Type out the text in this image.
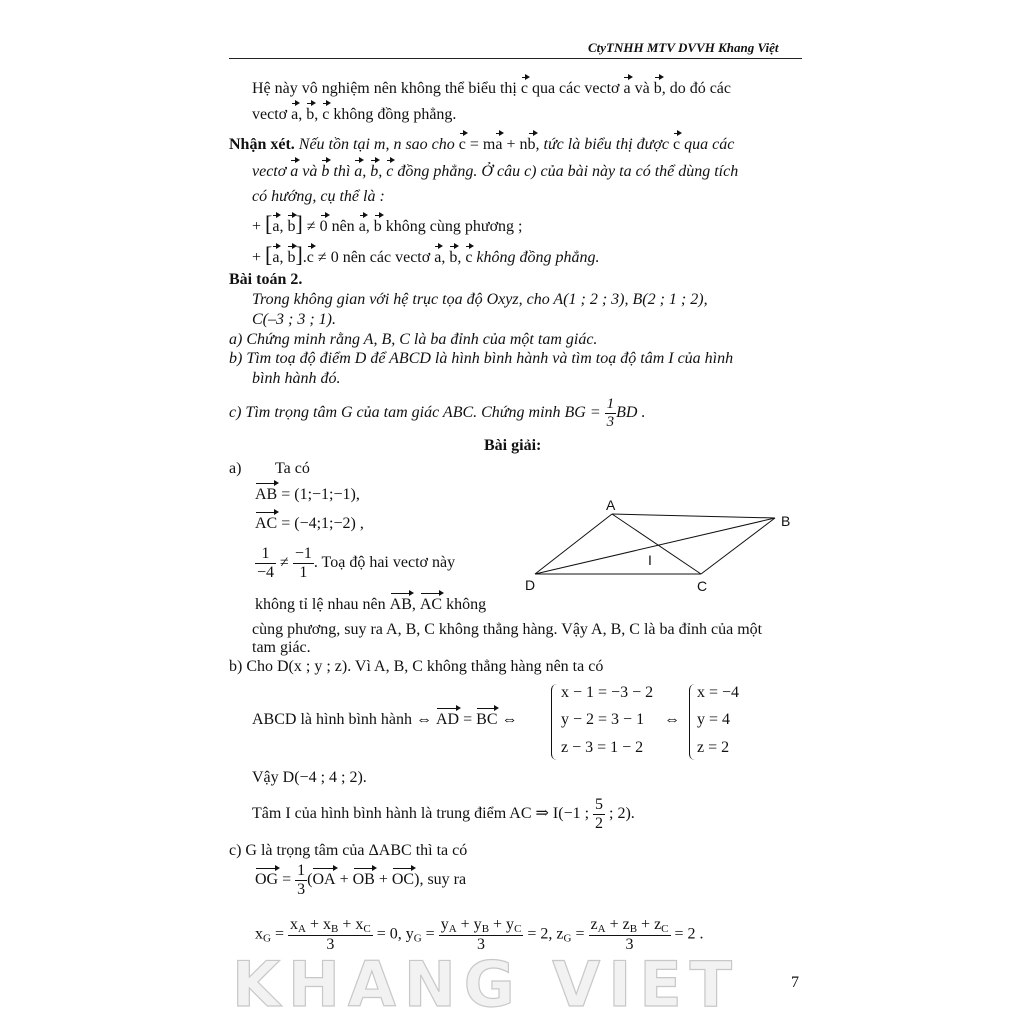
CtyTNHH MTV DVVH Khang Việt
Hệ này vô nghiệm nên không thể biểu thị c qua các vectơ a và b, do đó các
vectơ a, b, c không đồng phẳng.
Nhận xét. Nếu tồn tại m, n sao cho c = ma + nb, tức là biểu thị được c qua các
vectơ a và b thì a, b, c đồng phẳng. Ở câu c) của bài này ta có thể dùng tích
có hướng, cụ thể là :
+ [a, b] ≠ 0 nên a, b không cùng phương ;
+ [a, b].c ≠ 0 nên các vectơ a, b, c không đồng phẳng.
Bài toán 2.
Trong không gian với hệ trục tọa độ Oxyz, cho A(1 ; 2 ; 3), B(2 ; 1 ; 2),
C(–3 ; 3 ; 1).
a) Chứng minh rằng A, B, C là ba đỉnh của một tam giác.
b) Tìm toạ độ điểm D để ABCD là hình bình hành và tìm toạ độ tâm I của hình
bình hành đó.
c) Tìm trọng tâm G của tam giác ABC. Chứng minh BG = $\frac{1}{3}$ BD .
Bài giải:
a) Ta có
AB = (1;−1;−1),
AC = (−4;1;−2) ,
$\frac{1}{-4} \ne \frac{-1}{1}$ . Toạ độ hai vectơ này
không tỉ lệ nhau nên AB, AC không
cùng phương, suy ra A, B, C không thẳng hàng. Vậy A, B, C là ba đỉnh của một
tam giác.
A
B
C
D
I
b) Cho D(x ; y ; z). Vì A, B, C không thẳng hàng nên ta có
ABCD là hình bình hành ⇔ AD = BC ⇔
x − 1 = −3 − 2
y − 2 = 3 − 1
z − 3 = 1 − 2
⇔
x = −4
y = 4
z = 2
Vậy D(−4 ; 4 ; 2).
Tâm I của hình bình hành là trung điểm AC ⇒ I(−1 ; $\frac{5}{2}$ ; 2).
c) G là trọng tâm của ΔABC thì ta có
OG = $\frac{1}{3} (OA$ + OB + OC), suy ra
$x_G = \frac{x_A + x_B + x_C}{3} = 0$, $y_G = \frac{y_A + y_B + y_C}{3} = 2$, $z_G = \frac{z_A + z_B + z_C}{3} = 2$ .
KHANG VIET	7
